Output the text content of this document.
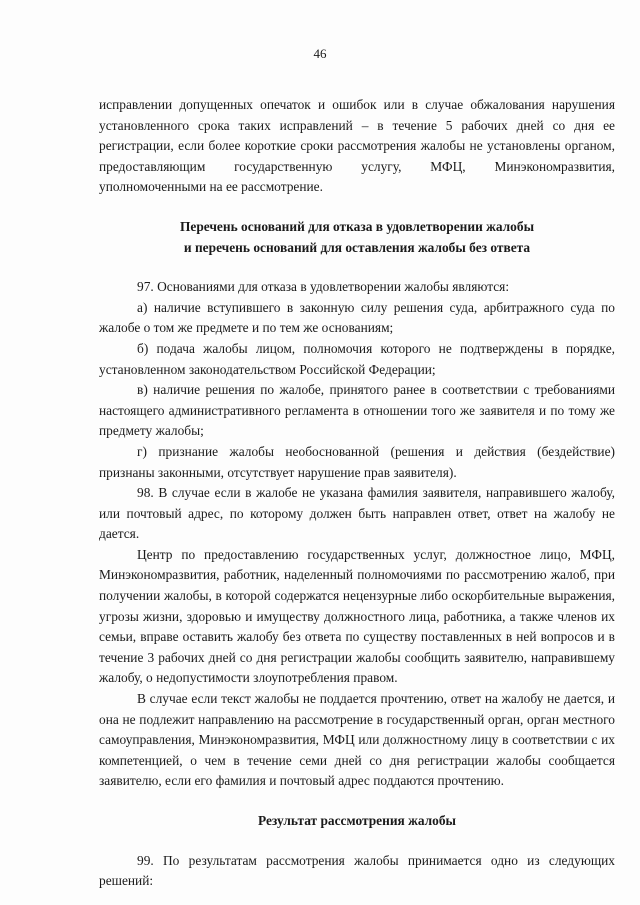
46

исправлении допущенных опечаток и ошибок или в случае обжалования нарушения установленного срока таких исправлений – в течение 5 рабочих дней со дня ее регистрации, если более короткие сроки рассмотрения жалобы не установлены органом, предоставляющим государственную услугу, МФЦ, Минэкономразвития, уполномоченными на ее рассмотрение.

Перечень оснований для отказа в удовлетворении жалобы

и перечень оснований для оставления жалобы без ответа

97. Основаниями для отказа в удовлетворении жалобы являются:

а) наличие вступившего в законную силу решения суда, арбитражного суда по жалобе о том же предмете и по тем же основаниям;

б) подача жалобы лицом, полномочия которого не подтверждены в порядке, установленном законодательством Российской Федерации;

в) наличие решения по жалобе, принятого ранее в соответствии с требованиями настоящего административного регламента в отношении того же заявителя и по тому же предмету жалобы;

г) признание жалобы необоснованной (решения и действия (бездействие) признаны законными, отсутствует нарушение прав заявителя).

98. В случае если в жалобе не указана фамилия заявителя, направившего жалобу, или почтовый адрес, по которому должен быть направлен ответ, ответ на жалобу не дается.

Центр по предоставлению государственных услуг, должностное лицо, МФЦ, Минэкономразвития, работник, наделенный полномочиями по рассмотрению жалоб, при получении жалобы, в которой содержатся нецензурные либо оскорбительные выражения, угрозы жизни, здоровью и имуществу должностного лица, работника, а также членов их семьи, вправе оставить жалобу без ответа по существу поставленных в ней вопросов и в течение 3 рабочих дней со дня регистрации жалобы сообщить заявителю, направившему жалобу, о недопустимости злоупотребления правом.

В случае если текст жалобы не поддается прочтению, ответ на жалобу не дается, и она не подлежит направлению на рассмотрение в государственный орган, орган местного самоуправления, Минэкономразвития, МФЦ или должностному лицу в соответствии с их компетенцией, о чем в течение семи дней со дня регистрации жалобы сообщается заявителю, если его фамилия и почтовый адрес поддаются прочтению.

Результат рассмотрения жалобы

99. По результатам рассмотрения жалобы принимается одно из следующих решений:
